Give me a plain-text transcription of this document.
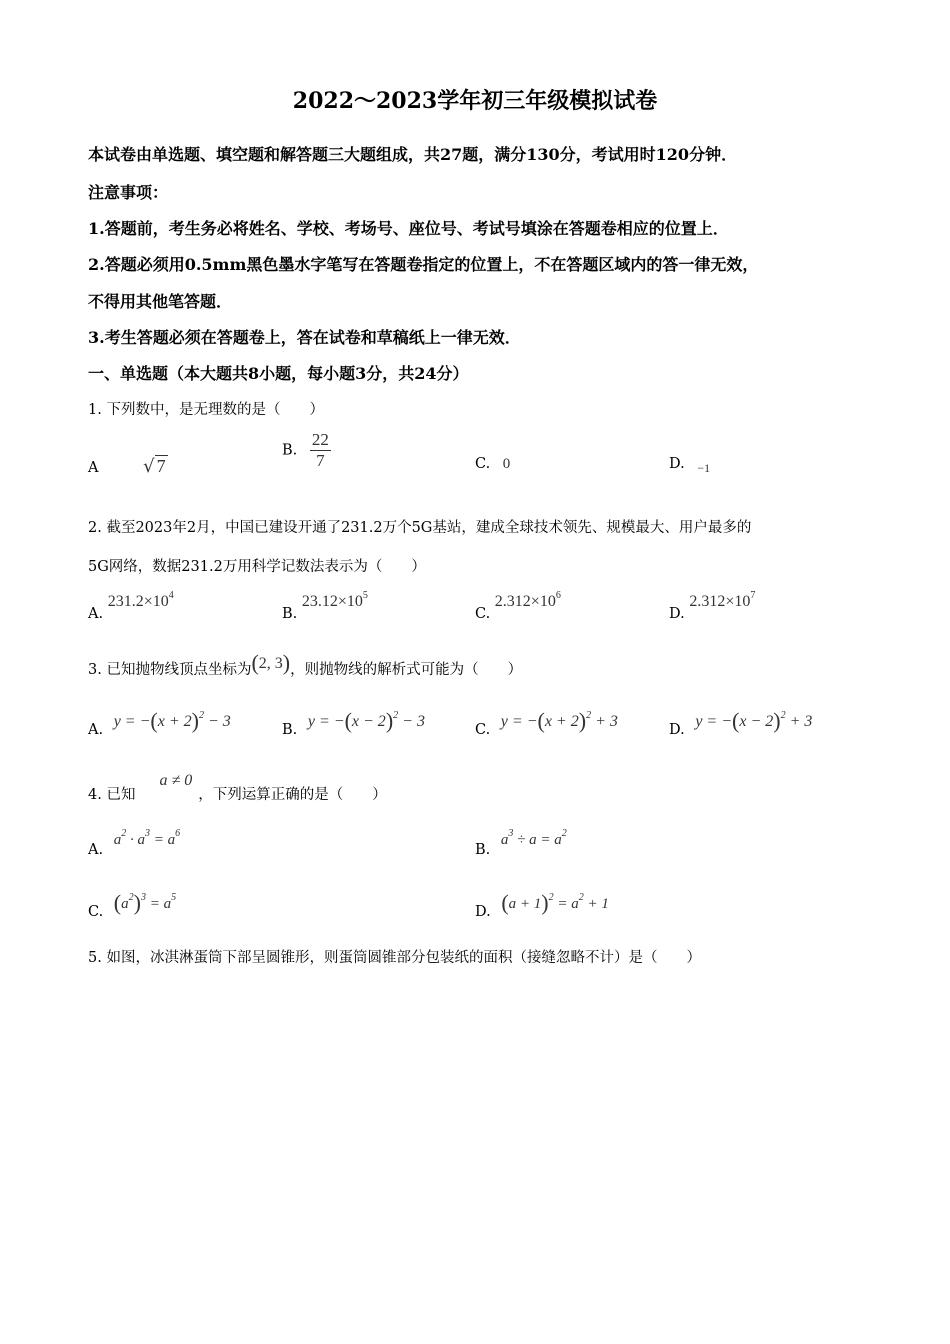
2022～2023学年初三年级模拟试卷
本试卷由单选题、填空题和解答题三大题组成，共27题，满分130分，考试用时120分钟．
注意事项：
1.答题前，考生务必将姓名、学校、考场号、座位号、考试号填涂在答题卷相应的位置上．
2.答题必须用0.5mm黑色墨水字笔写在答题卷指定的位置上，不在答题区域内的答一律无效，
不得用其他笔答题．
3.考生答题必须在答题卷上，答在试卷和草稿纸上一律无效．
一、单选题（本大题共8小题，每小题3分，共24分）
1. 下列数中，是无理数的是（　　）
A √ 7
B. $\frac{22}{7}$	C. 0	D. $_{-1}$
2. 截至2023年2月，中国已建设开通了231.2万个5G基站，建成全球技术领先、规模最大、用户最多的
5G网络，数据231.2万用科学记数法表示为（　　）
A. $231.2\times 10^4$
B. $23.12\times 10^5$
C. $2.312\times 10^6$
D. $2.312\times 10^7$
3. 已知抛物线顶点坐标为(2, 3)，则抛物线的解析式可能为（　　）
A. $y = -(x + 2)^2 - 3$	B. $y = -(x - 2)^2 - 3$	C. $y = -(x + 2)^2 + 3$	D. $y = -(x - 2)^2 + 3$
4. 已知a ≠ 0，下列运算正确的是（　　）
A. $a^2 \cdot a^3 = a^6$
B. $a^3 \div a = a^2$
C. $(a^2)^3 = a^5$
D. $(a + 1)^2 = a^2 + 1$
5. 如图，冰淇淋蛋筒下部呈圆锥形，则蛋筒圆锥部分包装纸的面积（接缝忽略不计）是（　　）
